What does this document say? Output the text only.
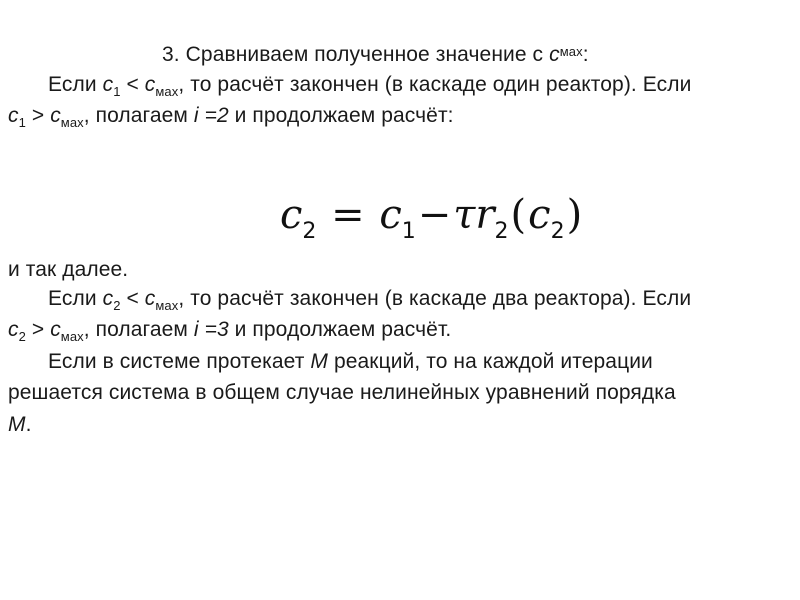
3. Сравниваем полученное значение с $c^{мах}$:
Если $c_1 < c_{мах}$, то расчёт закончен (в каскаде один реактор). Если
$c_1 > c_{мах}$, полагаем i =2 и продолжаем расчёт:
$c_2 = c_1-\tau r_2(c_2)$
и так далее.
Если $c_2 < c_{мах}$, то расчёт закончен (в каскаде два реактора). Если
$c_2 > c_{мах}$, полагаем i =3 и продолжаем расчёт.
Если в системе протекает M реакций, то на каждой итерации
решается система в общем случае нелинейных уравнений порядка
M.
